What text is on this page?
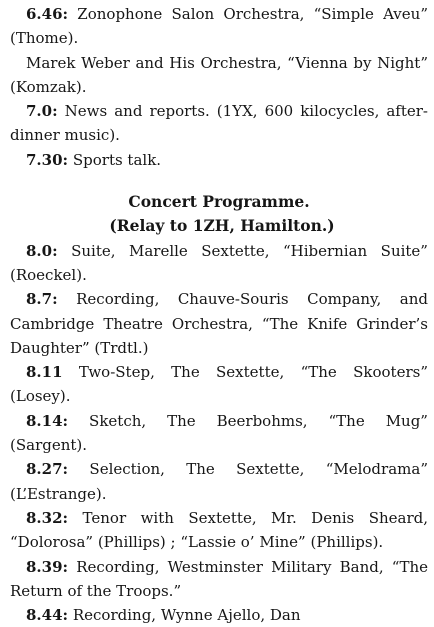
6.46: Zonophone Salon Orchestra, “Simple Aveu” (Thome).

Marek Weber and His Orchestra, “Vienna by Night” (Komzak).

7.0: News and reports. (1YX, 600 kilocycles, after-dinner music).

7.30: Sports talk.

Concert Programme.

(Relay to 1ZH, Hamilton.)

8.0: Suite, Marelle Sextette, “Hibernian Suite” (Roeckel).

8.7: Recording, Chauve-Souris Company, and Cambridge Theatre Orchestra, “The Knife Grinder’s Daughter” (Trdtl.)

8.11 Two-Step, The Sextette, “The Skooters” (Losey).

8.14: Sketch, The Beerbohms, “The Mug” (Sargent).

8.27: Selection, The Sextette, “Melodrama” (L’Estrange).

8.32: Tenor with Sextette, Mr. Denis Sheard, “Dolorosa” (Phillips) ; “Lassie o’ Mine” (Phillips).

8.39: Recording, Westminster Military Band, “The Return of the Troops.”

8.44: Recording, Wynne Ajello, Dan
